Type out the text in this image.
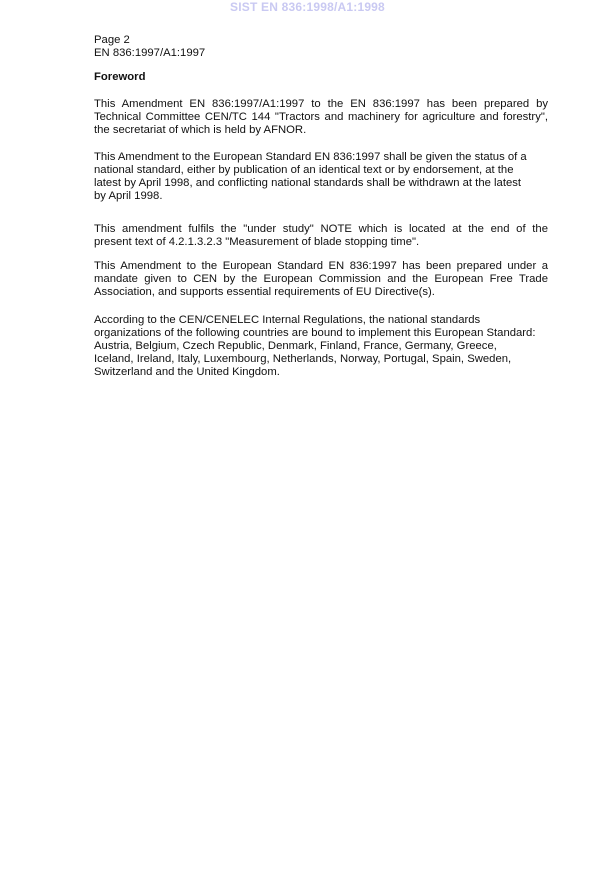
SIST EN 836:1998/A1:1998
Page 2
EN 836:1997/A1:1997
Foreword
This Amendment EN 836:1997/A1:1997 to the EN 836:1997 has been prepared by
Technical Committee CEN/TC 144 "Tractors and machinery for agriculture and forestry",
the secretariat of which is held by AFNOR.
This Amendment to the European Standard EN 836:1997 shall be given the status of a
national standard, either by publication of an identical text or by endorsement, at the
latest by April 1998, and conflicting national standards shall be withdrawn at the latest
by April 1998.
This amendment fulfils the "under study" NOTE which is located at the end of the
present text of 4.2.1.3.2.3 "Measurement of blade stopping time".
This Amendment to the European Standard EN 836:1997 has been prepared under a
mandate given to CEN by the European Commission and the European Free Trade
Association, and supports essential requirements of EU Directive(s).
According to the CEN/CENELEC Internal Regulations, the national standards
organizations of the following countries are bound to implement this European Standard:
Austria, Belgium, Czech Republic, Denmark, Finland, France, Germany, Greece,
Iceland, Ireland, Italy, Luxembourg, Netherlands, Norway, Portugal, Spain, Sweden,
Switzerland and the United Kingdom.
